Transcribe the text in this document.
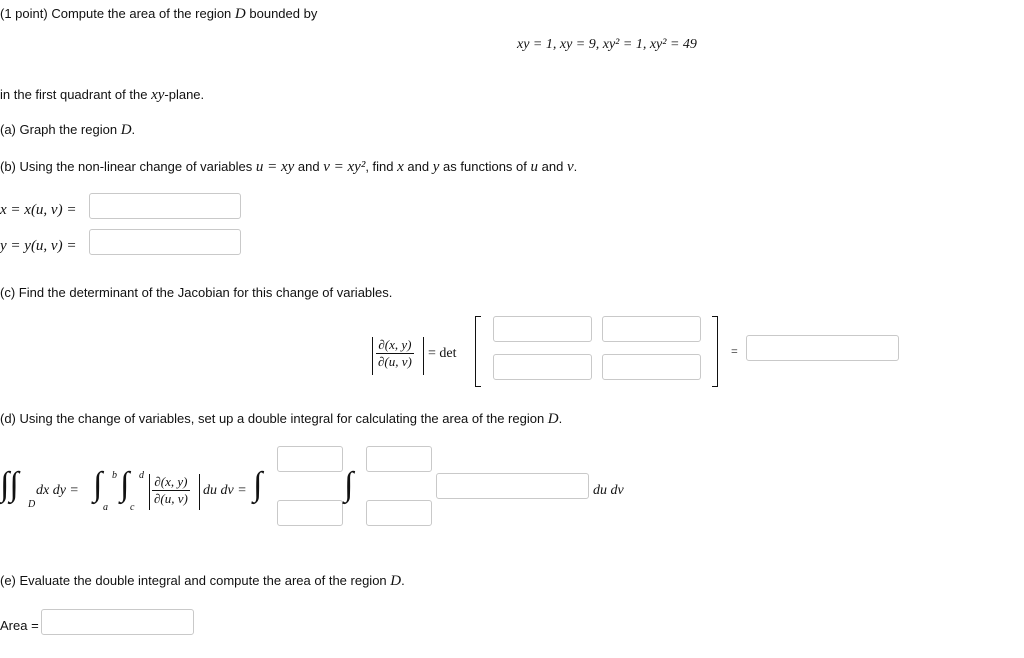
(1 point) Compute the area of the region D bounded by
xy = 1, xy = 9, xy² = 1, xy² = 49
in the first quadrant of the xy-plane.
(a) Graph the region D.
(b) Using the non-linear change of variables u = xy and v = xy², find x and y as functions of u and v.
x = x(u, v) =
y = y(u, v) =
(c) Find the determinant of the Jacobian for this change of variables.
$\frac{\partial(x, y)}{\partial(u, v)} = \det$	=
(d) Using the change of variables, set up a double integral for calculating the area of the region D.
∫∫
D
dx dy = ∫ b
a
∫ d
c
$\frac{\partial(x, y)}{\partial(u, v)}$ du dv = ∫ ∫	du dv
(e) Evaluate the double integral and compute the area of the region D.
Area =
